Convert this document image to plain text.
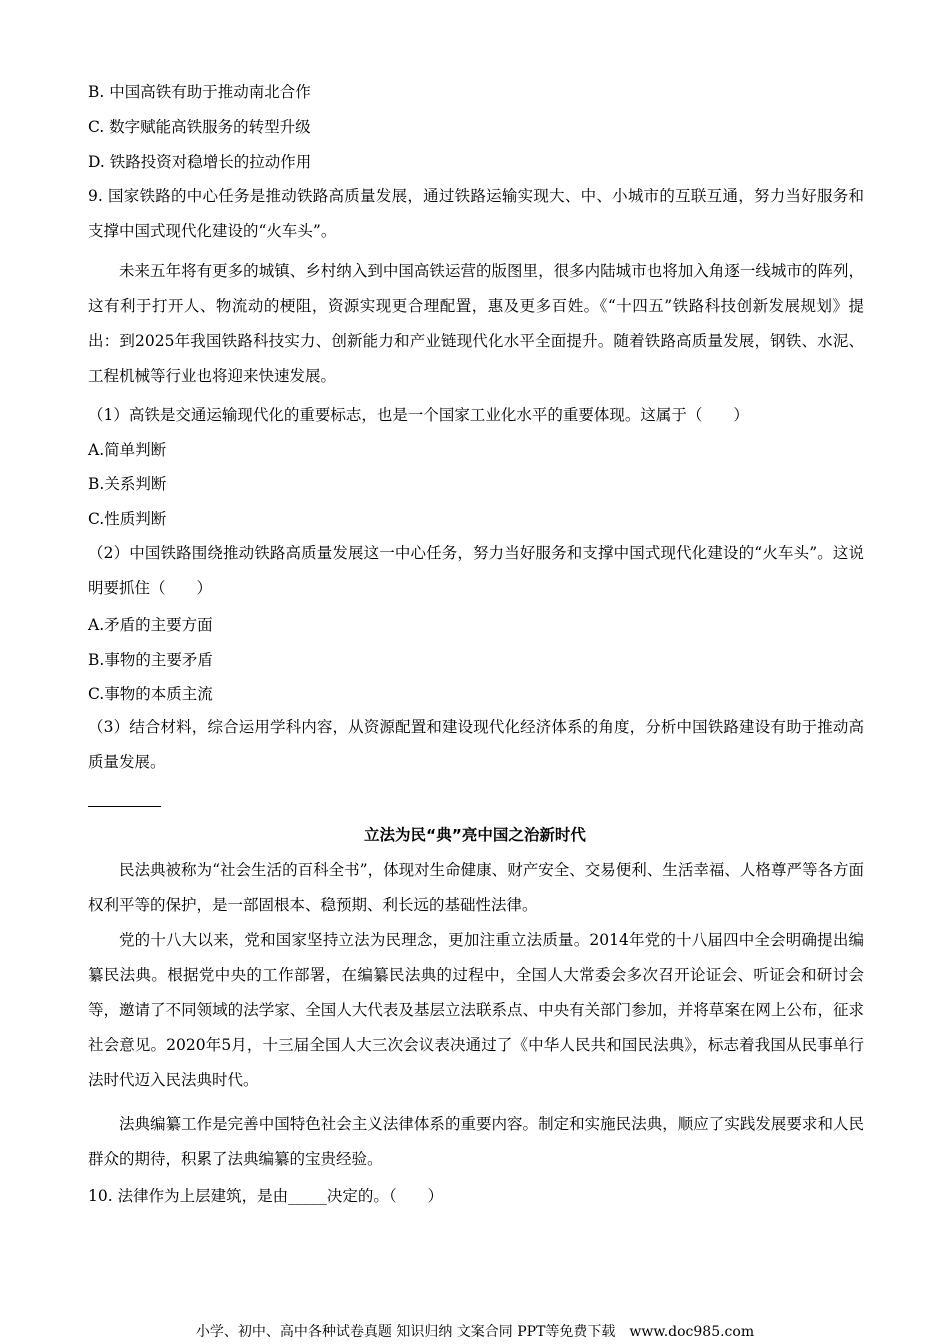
B. 中国高铁有助于推动南北合作
C. 数字赋能高铁服务的转型升级
D. 铁路投资对稳增长的拉动作用
9. 国家铁路的中心任务是推动铁路高质量发展，通过铁路运输实现大、中、小城市的互联互通，努力当好服务和支撑中国式现代化建设的“火车头”。
未来五年将有更多的城镇、乡村纳入到中国高铁运营的版图里，很多内陆城市也将加入角逐一线城市的阵列，这有利于打开人、物流动的梗阻，资源实现更合理配置，惠及更多百姓。《“十四五”铁路科技创新发展规划》提出：到2025年我国铁路科技实力、创新能力和产业链现代化水平全面提升。随着铁路高质量发展，钢铁、水泥、工程机械等行业也将迎来快速发展。
（1）高铁是交通运输现代化的重要标志，也是一个国家工业化水平的重要体现。这属于（　　）
A.简单判断
B.关系判断
C.性质判断
（2）中国铁路围绕推动铁路高质量发展这一中心任务，努力当好服务和支撑中国式现代化建设的“火车头”。这说明要抓住（　　）
A.矛盾的主要方面
B.事物的主要矛盾
C.事物的本质主流
（3）结合材料，综合运用学科内容，从资源配置和建设现代化经济体系的角度，分析中国铁路建设有助于推动高质量发展。
立法为民“典”亮中国之治新时代
民法典被称为“社会生活的百科全书”，体现对生命健康、财产安全、交易便利、生活幸福、人格尊严等各方面权利平等的保护，是一部固根本、稳预期、利长远的基础性法律。
党的十八大以来，党和国家坚持立法为民理念，更加注重立法质量。2014年党的十八届四中全会明确提出编纂民法典。根据党中央的工作部署，在编纂民法典的过程中，全国人大常委会多次召开论证会、听证会和研讨会等，邀请了不同领域的法学家、全国人大代表及基层立法联系点、中央有关部门参加，并将草案在网上公布，征求社会意见。2020年5月，十三届全国人大三次会议表决通过了《中华人民共和国民法典》，标志着我国从民事单行法时代迈入民法典时代。
法典编纂工作是完善中国特色社会主义法律体系的重要内容。制定和实施民法典，顺应了实践发展要求和人民群众的期待，积累了法典编纂的宝贵经验。
10. 法律作为上层建筑，是由_____决定的。（　　）
小学、初中、高中各种试卷真题 知识归纳 文案合同 PPT等免费下载　www.doc985.com
